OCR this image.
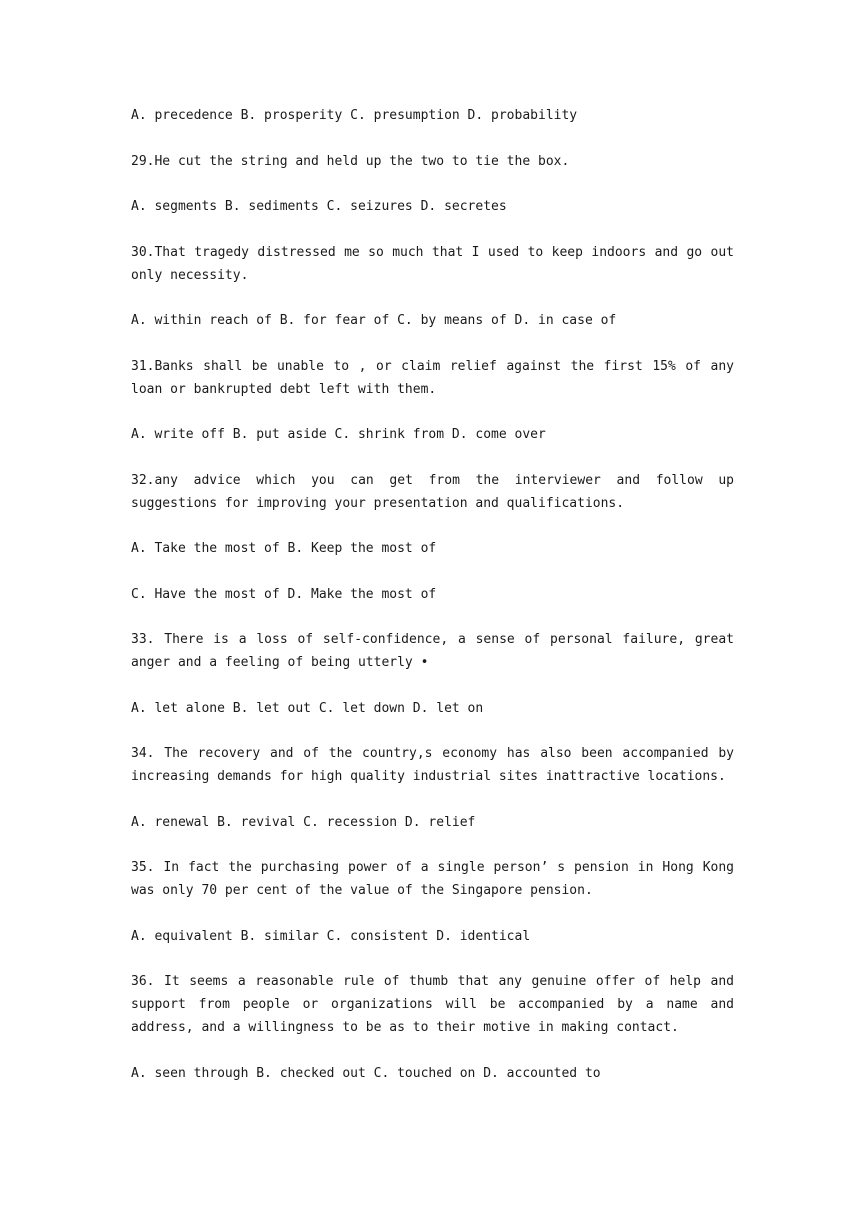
A. precedence B. prosperity C. presumption D. probability

29.He cut the string and held up the two to tie the box.

A. segments B. sediments C. seizures D. secretes

30.That tragedy distressed me so much that I used to keep indoors and go out only necessity.

A. within reach of B. for fear of C. by means of D. in case of

31.Banks shall be unable to , or claim relief against the first 15% of any loan or bankrupted debt left with them.

A. write off B. put aside C. shrink from D. come over

32.any advice which you can get from the interviewer and follow up suggestions for improving your presentation and qualifications.

A. Take the most of B. Keep the most of

C. Have the most of D. Make the most of

33. There is a loss of self-confidence, a sense of personal failure, great anger and a feeling of being utterly •

A. let alone B. let out C. let down D. let on

34. The recovery and of the country,s economy has also been accompanied by increasing demands for high quality industrial sites inattractive locations.

A. renewal B. revival C. recession D. relief

35. In fact the purchasing power of a single person’ s pension in Hong Kong was only 70 per cent of the value of the Singapore pension.

A. equivalent B. similar C. consistent D. identical

36. It seems a reasonable rule of thumb that any genuine offer of help and support from people or organizations will be accompanied by a name and address, and a willingness to be as to their motive in making contact.

A. seen through B. checked out C. touched on D. accounted to
